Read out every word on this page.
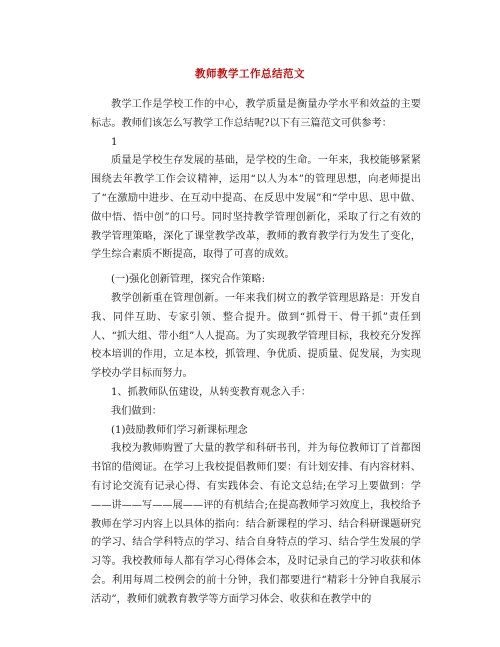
教师教学工作总结范文

教学工作是学校工作的中心，教学质量是衡量办学水平和效益的主要标志。教师们该怎么写教学工作总结呢?以下有三篇范文可供参考：

1

质量是学校生存发展的基础，是学校的生命。一年来，我校能够紧紧围绕去年教学工作会议精神，运用“以人为本”的管理思想，向老师提出了“在激励中进步、在互动中提高、在反思中发展”和“学中思、思中做、做中悟、悟中创”的口号。同时坚持教学管理创新化，采取了行之有效的教学管理策略，深化了课堂教学改革，教师的教育教学行为发生了变化，学生综合素质不断提高，取得了可喜的成效。

(一)强化创新管理，探究合作策略:

教学创新重在管理创新。一年来我们树立的教学管理思路是：开发自我、同伴互助、专家引领、整合提升。做到“抓骨干、骨干抓”责任到人、“抓大组、带小组”人人提高。为了实现教学管理目标，我校充分发挥校本培训的作用，立足本校，抓管理、争优质、提质量、促发展，为实现学校办学目标而努力。

1、抓教师队伍建设，从转变教育观念入手：

我们做到：

(1)鼓励教师们学习新课标理念

我校为教师购置了大量的教学和科研书刊，并为每位教师订了首都图书馆的借阅证。在学习上我校提倡教师们要：有计划安排、有内容材料、有讨论交流有记录心得、有实践体会、有论文总结;在学习上要做到：学——讲——写——展——评的有机结合;在提高教师学习效度上，我校给予教师在学习内容上以具体的指向：结合新课程的学习、结合科研课题研究的学习、结合学科特点的学习、结合自身特点的学习、结合学生发展的学习等。我校教师每人都有学习心得体会本，及时记录自己的学习收获和体会。利用每周二校例会的前十分钟，我们都要进行“精彩十分钟自我展示活动”，教师们就教育教学等方面学习体会、收获和在教学中的
